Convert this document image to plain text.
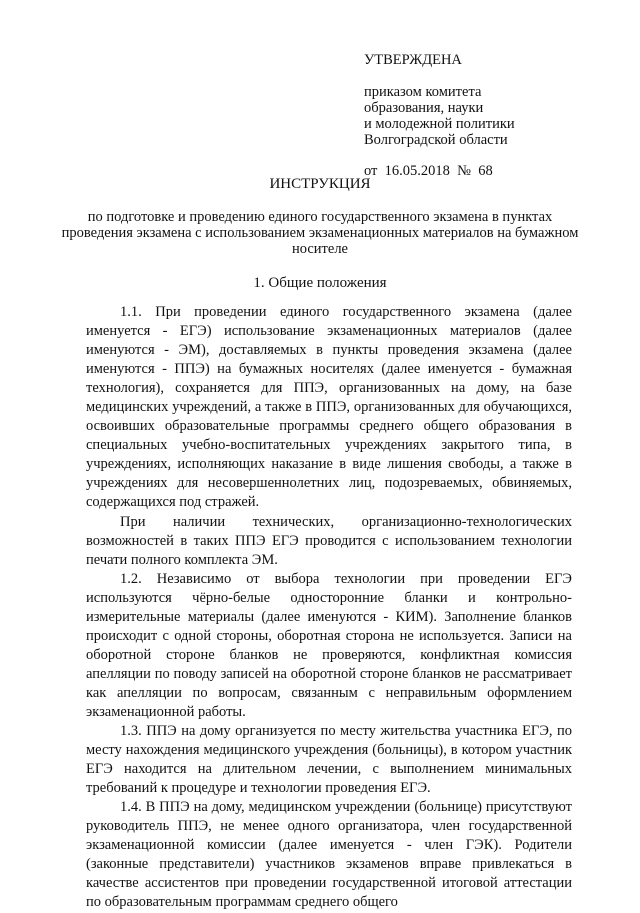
УТВЕРЖДЕНА
приказом комитета
образования, науки
и молодежной политики
Волгоградской области
от  16.05.2018  №  68
ИНСТРУКЦИЯ
по подготовке и проведению единого государственного экзамена в пунктах проведения экзамена с использованием экзаменационных материалов на бумажном носителе
1. Общие положения

1.1. При проведении единого государственного экзамена (далее именуется - ЕГЭ) использование экзаменационных материалов (далее именуются - ЭМ), доставляемых в пункты проведения экзамена (далее именуются - ППЭ) на бумажных носителях (далее именуется - бумажная технология), сохраняется для ППЭ, организованных на дому, на базе медицинских учреждений, а также в ППЭ, организованных для обучающихся, освоивших образовательные программы среднего общего образования в специальных учебно-воспитательных учреждениях закрытого типа, в учреждениях, исполняющих наказание в виде лишения свободы, а также в учреждениях для несовершеннолетних лиц, подозреваемых, обвиняемых, содержащихся под стражей.

При наличии технических, организационно-технологических возможностей в таких ППЭ ЕГЭ проводится с использованием технологии печати полного комплекта ЭМ.

1.2. Независимо от выбора технологии при проведении ЕГЭ используются чёрно-белые односторонние бланки и контрольно-измерительные материалы (далее именуются - КИМ). Заполнение бланков происходит с одной стороны, оборотная сторона не используется. Записи на оборотной стороне бланков не проверяются, конфликтная комиссия апелляции по поводу записей на оборотной стороне бланков не рассматривает как апелляции по вопросам, связанным с неправильным оформлением экзаменационной работы.

1.3. ППЭ на дому организуется по месту жительства участника ЕГЭ, по месту нахождения медицинского учреждения (больницы), в котором участник ЕГЭ находится на длительном лечении, с выполнением минимальных требований к процедуре и технологии проведения ЕГЭ.

1.4. В ППЭ на дому, медицинском учреждении (больнице) присутствуют руководитель ППЭ, не менее одного организатора, член государственной экзаменационной комиссии (далее именуется - член ГЭК). Родители (законные представители) участников экзаменов вправе привлекаться в качестве ассистентов при проведении государственной итоговой аттестации по образовательным программам среднего общего
